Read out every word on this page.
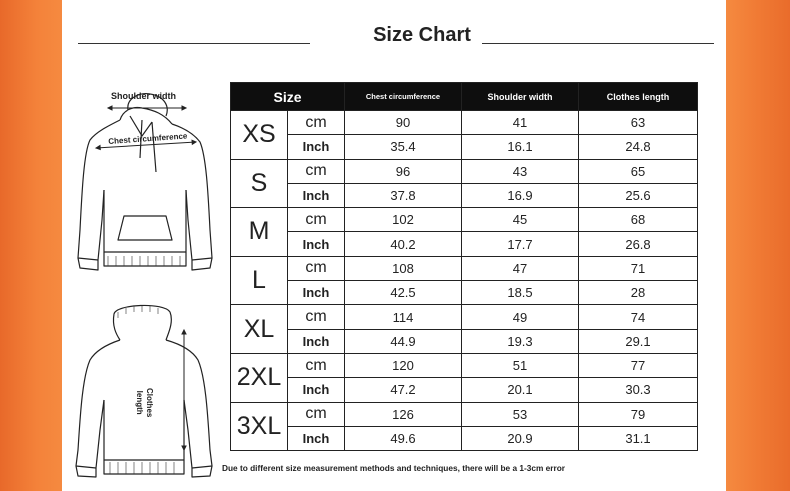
Size Chart
Shoulder width
Chest circumference
Clothes
length
Size		Chest circumference	Shoulder width	Clothes length
XS	cm	90	41	63
	Inch	35.4	16.1	24.8
S	cm	96	43	65
	Inch	37.8	16.9	25.6
M	cm	102	45	68
	Inch	40.2	17.7	26.8
L	cm	108	47	71
	Inch	42.5	18.5	28
XL	cm	114	49	74
	Inch	44.9	19.3	29.1
2XL	cm	120	51	77
	Inch	47.2	20.1	30.3
3XL	cm	126	53	79
	Inch	49.6	20.9	31.1
Due to different size measurement methods and techniques, there will be a 1-3cm error
